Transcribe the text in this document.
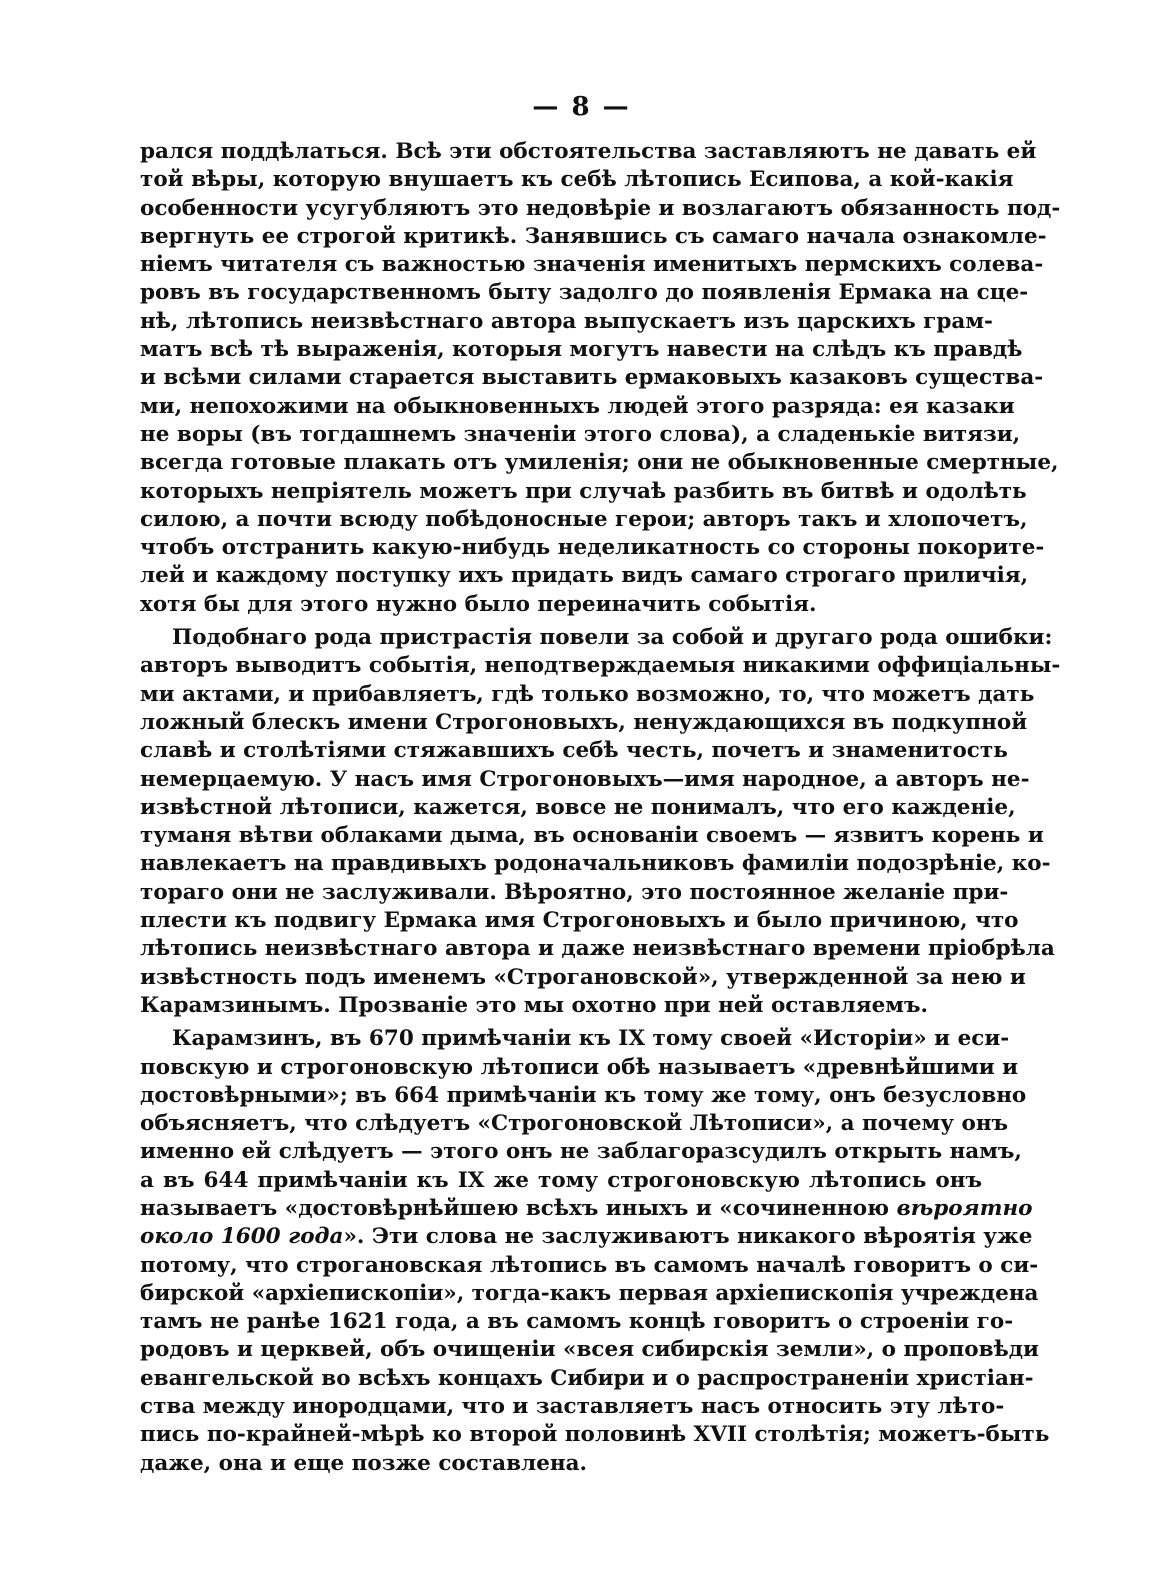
— 8 —
рался поддѣлаться. Всѣ эти обстоятельства заставляютъ не давать ей
той вѣры, которую внушаетъ къ себѣ лѣтопись Есипова, а кой-какія
особенности усугубляютъ это недовѣріе и возлагаютъ обязанность под-
вергнуть ее строгой критикѣ. Занявшись съ самаго начала ознакомле-
ніемъ читателя съ важностью значенія именитыхъ пермскихъ солева-
ровъ въ государственномъ быту задолго до появленія Ермака на сце-
нѣ, лѣтопись неизвѣстнаго автора выпускаетъ изъ царскихъ грам-
матъ всѣ тѣ выраженія, которыя могутъ навести на слѣдъ къ правдѣ
и всѣми силами старается выставить ермаковыхъ казаковъ существа-
ми, непохожими на обыкновенныхъ людей этого разряда: ея казаки
не воры (въ тогдашнемъ значеніи этого слова), а сладенькіе витязи,
всегда готовые плакать отъ умиленія; они не обыкновенные смертные,
которыхъ непріятель можетъ при случаѣ разбить въ битвѣ и одолѣть
силою, а почти всюду побѣдоносные герои; авторъ такъ и хлопочетъ,
чтобъ отстранить какую-нибудь неделикатность со стороны покорите-
лей и каждому поступку ихъ придать видъ самаго строгаго приличія,
хотя бы для этого нужно было переиначить событія.
Подобнаго рода пристрастія повели за собой и другаго рода ошибки:
авторъ выводитъ событія, неподтверждаемыя никакими оффиціальны-
ми актами, и прибавляетъ, гдѣ только возможно, то, что можетъ дать
ложный блескъ имени Строгоновыхъ, ненуждающихся въ подкупной
славѣ и столѣтіями стяжавшихъ себѣ честь, почетъ и знаменитость
немерцаемую. У насъ имя Строгоновыхъ—имя народное, а авторъ не-
извѣстной лѣтописи, кажется, вовсе не понималъ, что его кажденіе,
туманя вѣтви облаками дыма, въ основаніи своемъ — язвитъ корень и
навлекаетъ на правдивыхъ родоначальниковъ фамиліи подозрѣніе, ко-
тораго они не заслуживали. Вѣроятно, это постоянное желаніе при-
плести къ подвигу Ермака имя Строгоновыхъ и было причиною, что
лѣтопись неизвѣстнаго автора и даже неизвѣстнаго времени пріобрѣла
извѣстность подъ именемъ «Строгановской», утвержденной за нею и
Карамзинымъ. Прозваніе это мы охотно при ней оставляемъ.
Карамзинъ, въ 670 примѣчаніи къ IX тому своей «Исторіи» и еси-
повскую и строгоновскую лѣтописи обѣ называетъ «древнѣйшими и
достовѣрными»; въ 664 примѣчаніи къ тому же тому, онъ безусловно
объясняетъ, что слѣдуетъ «Строгоновской Лѣтописи», а почему онъ
именно ей слѣдуетъ — этого онъ не заблагоразсудилъ открыть намъ,
а въ 644 примѣчаніи къ IX же тому строгоновскую лѣтопись онъ
называетъ «достовѣрнѣйшею всѣхъ иныхъ и «сочиненною вѣроятно
около 1600 года». Эти слова не заслуживаютъ никакого вѣроятія уже
потому, что строгановская лѣтопись въ самомъ началѣ говоритъ о си-
бирской «архіепископіи», тогда-какъ первая архіепископія учреждена
тамъ не ранѣе 1621 года, а въ самомъ концѣ говоритъ о строеніи го-
родовъ и церквей, объ очищеніи «всея сибирскія земли», о проповѣди
евангельской во всѣхъ концахъ Сибири и о распространеніи христіан-
ства между инородцами, что и заставляетъ насъ относить эту лѣто-
пись по-крайней-мѣрѣ ко второй половинѣ XVII столѣтія; можетъ-быть
даже, она и еще позже составлена.
